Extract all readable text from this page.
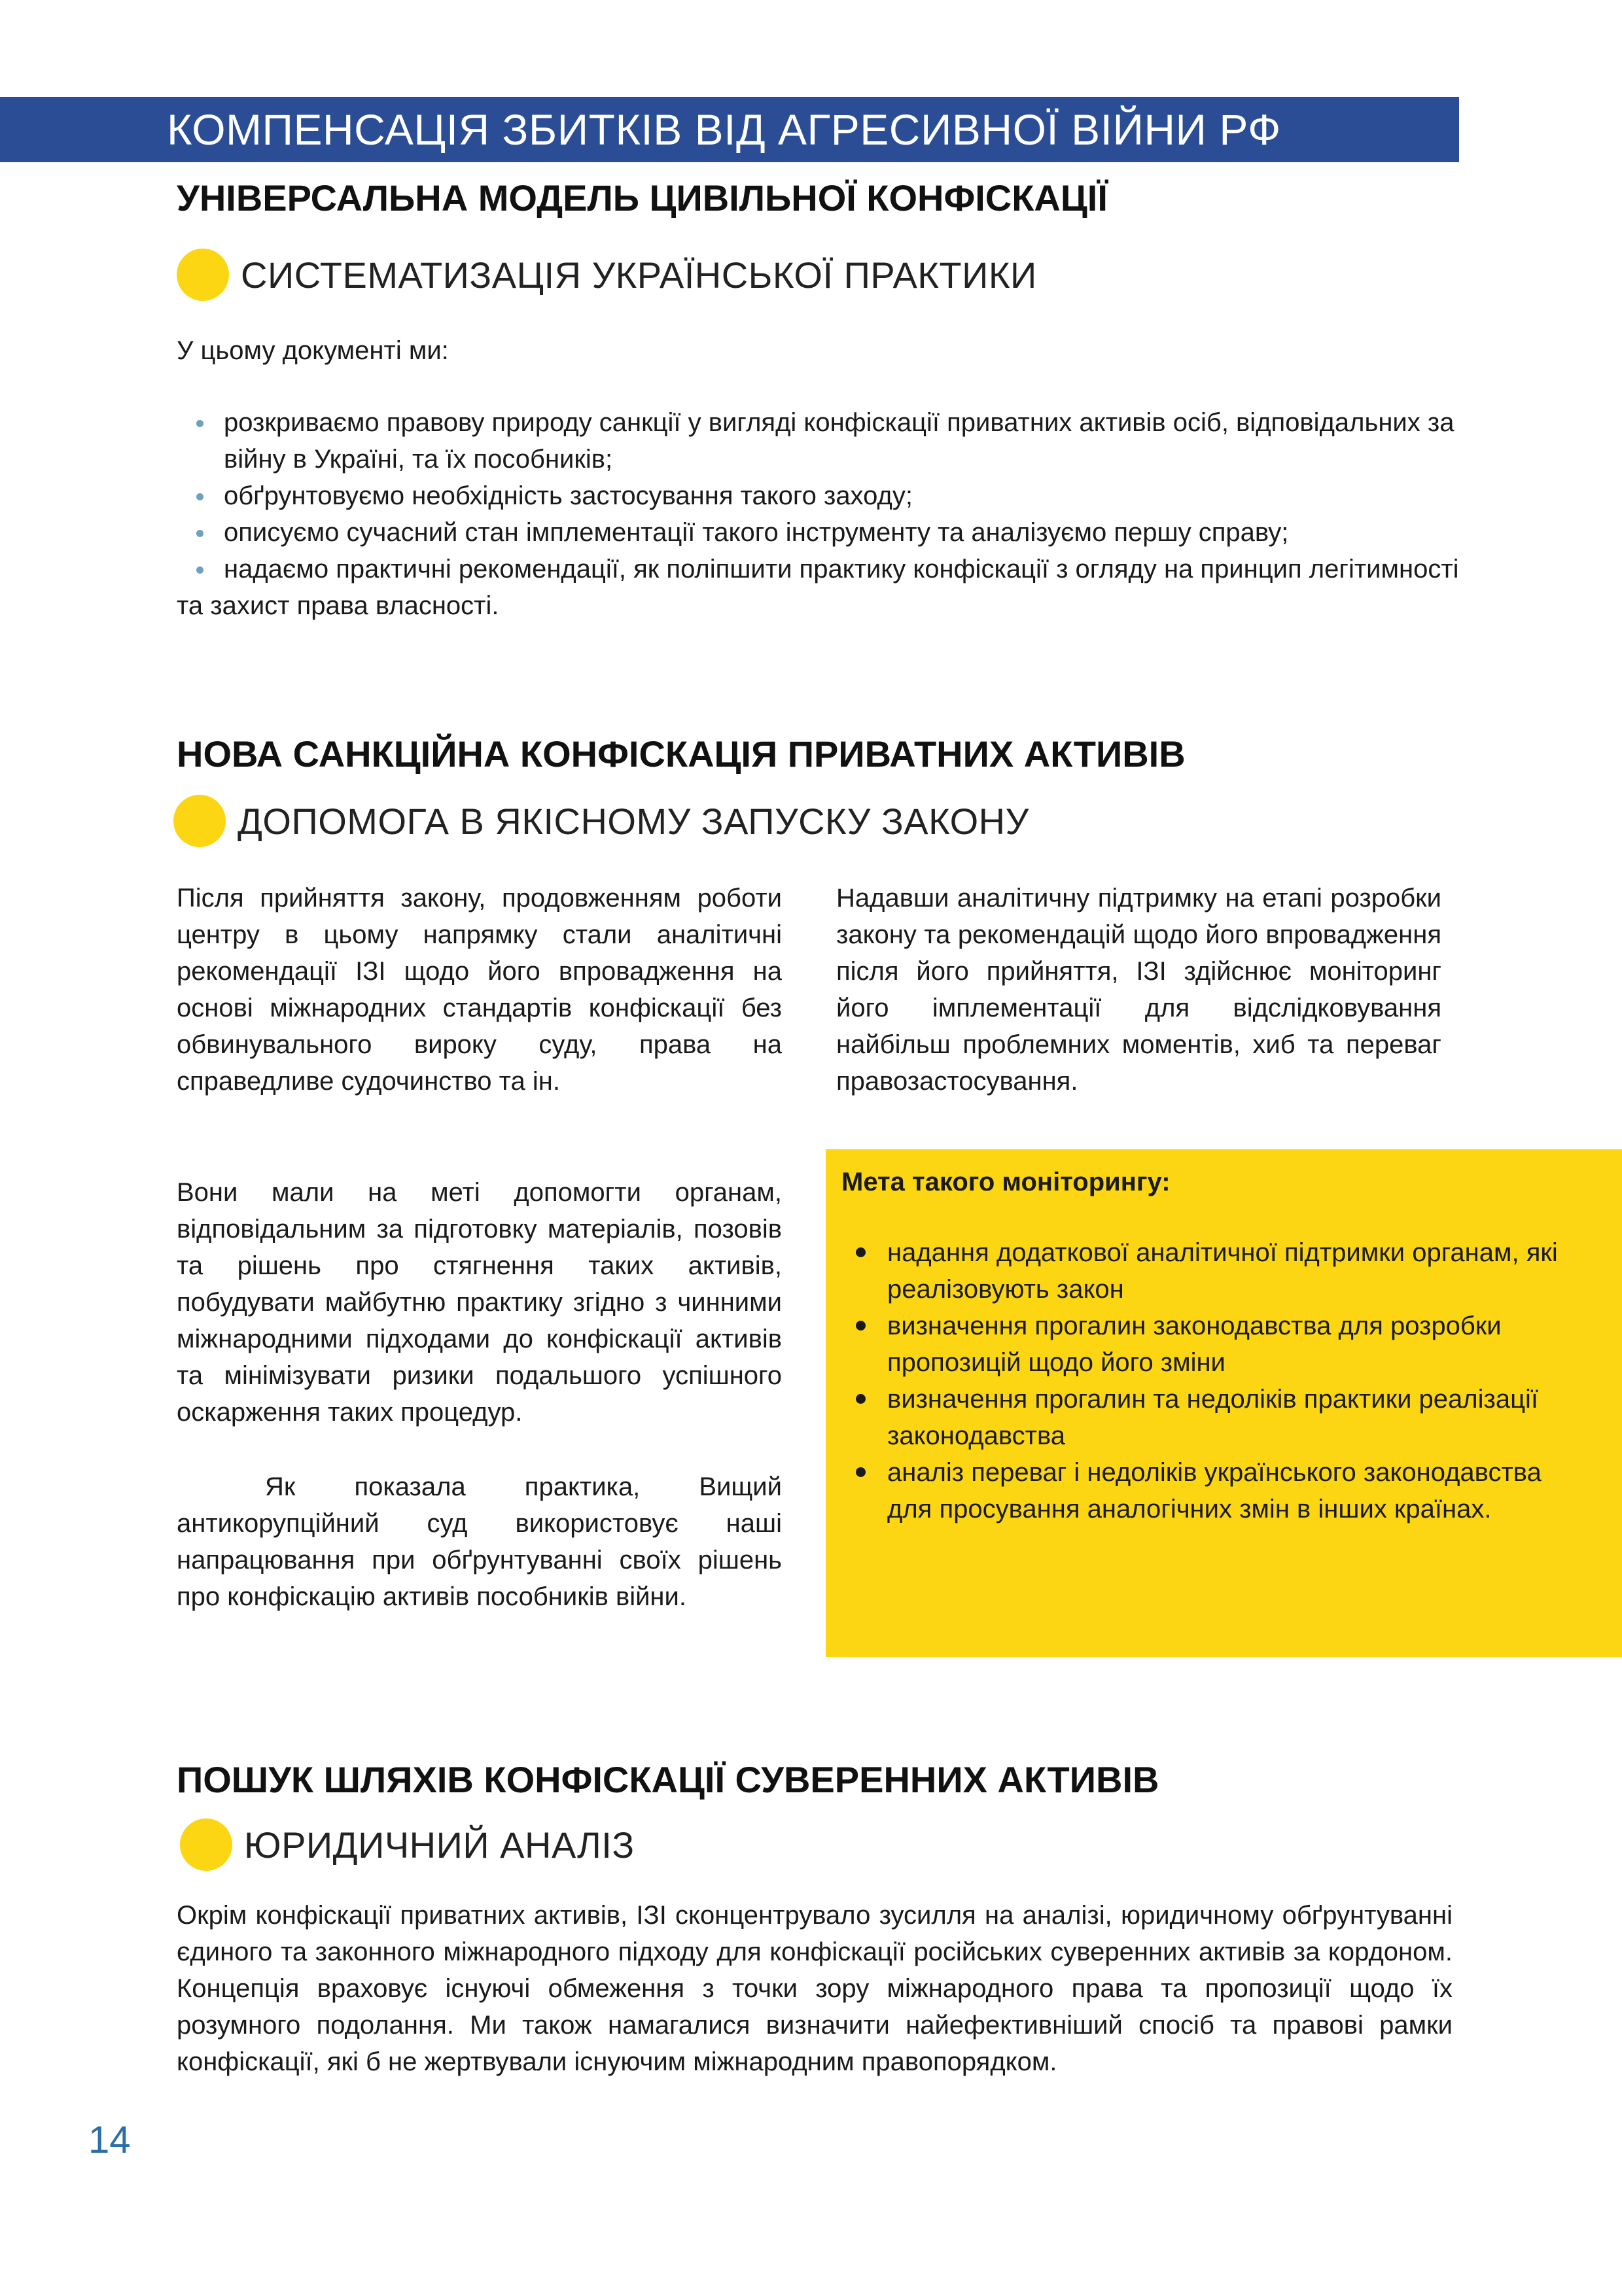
КОМПЕНСАЦІЯ ЗБИТКІВ ВІД АГРЕСИВНОЇ ВІЙНИ РФ
УНІВЕРСАЛЬНА МОДЕЛЬ ЦИВІЛЬНОЇ КОНФІСКАЦІЇ
СИСТЕМАТИЗАЦІЯ УКРАЇНСЬКОЇ ПРАКТИКИ
У цьому документі ми:
розкриваємо правову природу санкції у вигляді конфіскації приватних активів осіб, відповідальних за війну в Україні, та їх пособників;
обґрунтовуємо необхідність застосування такого заходу;
описуємо сучасний стан імплементації такого інструменту та аналізуємо першу справу;
надаємо практичні рекомендації, як поліпшити практику конфіскації з огляду на принцип легітимності та захист права власності.
НОВА САНКЦІЙНА КОНФІСКАЦІЯ ПРИВАТНИХ АКТИВІВ
ДОПОМОГА В ЯКІСНОМУ ЗАПУСКУ ЗАКОНУ
Після прийняття закону, продовженням роботи центру в цьому напрямку стали аналітичні рекомендації IЗІ щодо його впровадження на основі міжнародних стандартів конфіскації без обвинувального вироку суду, права на справедливе судочинство та ін.
Вони мали на меті допомогти органам, відповідальним за підготовку матеріалів, позовів та рішень про стягнення таких активів, побудувати майбутню практику згідно з чинними міжнародними підходами до конфіскації активів та мінімізувати ризики подальшого успішного оскарження таких процедур.
Як показала практика, Вищий антикорупційний суд використовує наші напрацювання при обґрунтуванні своїх рішень про конфіскацію активів пособників війни.
Надавши аналітичну підтримку на етапі розробки закону та рекомендацій щодо його впровадження після його прийняття, IЗІ здійснює моніторинг його імплементації для відслідковування найбільш проблемних моментів, хиб та переваг правозастосування.
Мета такого моніторингу:
надання додаткової аналітичної підтримки органам, які реалізовують закон
визначення прогалин законодавства для розробки пропозицій щодо його зміни
визначення прогалин та недоліків практики реалізації законодавства
аналіз переваг і недоліків українського законодавства для просування аналогічних змін в інших країнах.
ПОШУК ШЛЯХІВ КОНФІСКАЦІЇ СУВЕРЕННИХ АКТИВІВ
ЮРИДИЧНИЙ АНАЛІЗ
Окрім конфіскації приватних активів, IЗІ сконцентрувало зусилля на аналізі, юридичному обґрунтуванні єдиного та законного міжнародного підходу для конфіскації російських суверенних активів за кордоном. Концепція враховує існуючі обмеження з точки зору міжнародного права та пропозиції щодо їх розумного подолання. Ми також намагалися визначити найефективніший спосіб та правові рамки конфіскації, які б не жертвували існуючим міжнародним правопорядком.
14
